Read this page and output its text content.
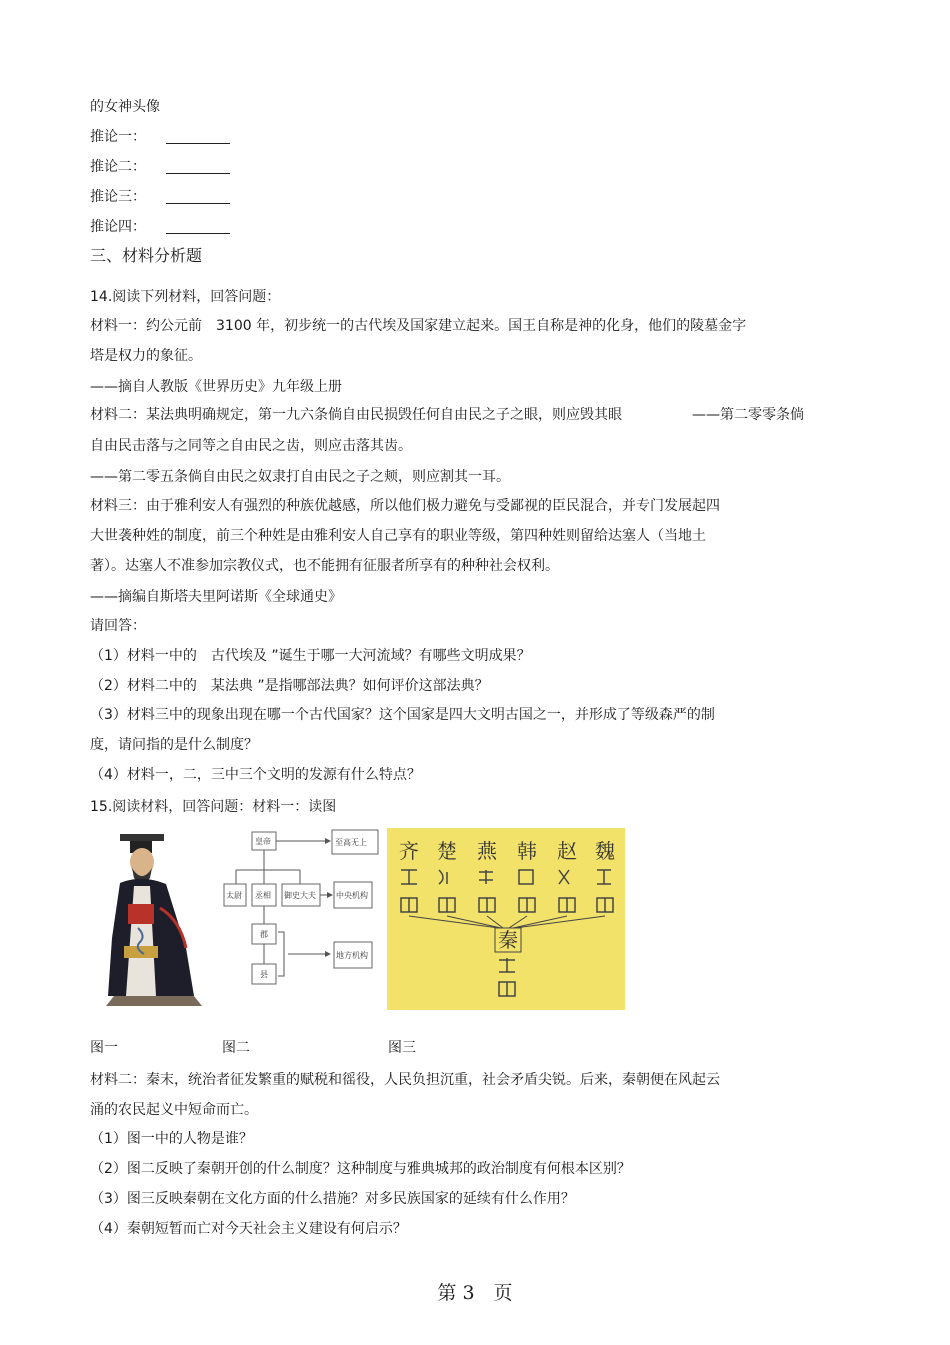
的女神头像
推论一：
推论二：
推论三：
推论四：
三、材料分析题
14.阅读下列材料，回答问题：
材料一：约公元前　3100 年，初步统一的古代埃及国家建立起来。国王自称是神的化身，他们的陵墓金字
塔是权力的象征。
——摘自人教版《世界历史》九年级上册
材料二：某法典明确规定，第一九六条倘自由民损毁任何自由民之子之眼，则应毁其眼　　　　　——第二零零条倘
自由民击落与之同等之自由民之齿，则应击落其齿。
——第二零五条倘自由民之奴隶打自由民之子之颊，则应割其一耳。
材料三：由于雅利安人有强烈的种族优越感，所以他们极力避免与受鄙视的臣民混合，并专门发展起四
大世袭种姓的制度，前三个种姓是由雅利安人自己享有的职业等级，第四种姓则留给达塞人（当地土
著）。达塞人不准参加宗教仪式，也不能拥有征服者所享有的种种社会权利。
——摘编自斯塔夫里阿诺斯《全球通史》
请回答：
（1）材料一中的　古代埃及 ”诞生于哪一大河流域？有哪些文明成果？
（2）材料二中的　某法典 ”是指哪部法典？如何评价这部法典？
（3）材料三中的现象出现在哪一个古代国家？这个国家是四大文明古国之一，并形成了等级森严的制
度，请问指的是什么制度？
（4）材料一，二，三中三个文明的发源有什么特点？
15.阅读材料，回答问题：材料一：读图
皇帝	至高无上
太尉 丞相 御史大夫	中央机构
郡
县
地方机构
齐 楚 燕 韩 赵 魏
秦
图一	图二	图三
材料二：秦末，统治者征发繁重的赋税和徭役，人民负担沉重，社会矛盾尖锐。后来，秦朝便在风起云
涌的农民起义中短命而亡。
（1）图一中的人物是谁？
（2）图二反映了秦朝开创的什么制度？这种制度与雅典城邦的政治制度有何根本区别？
（3）图三反映秦朝在文化方面的什么措施？对多民族国家的延续有什么作用？
（4）秦朝短暂而亡对今天社会主义建设有何启示？
第 3　页
